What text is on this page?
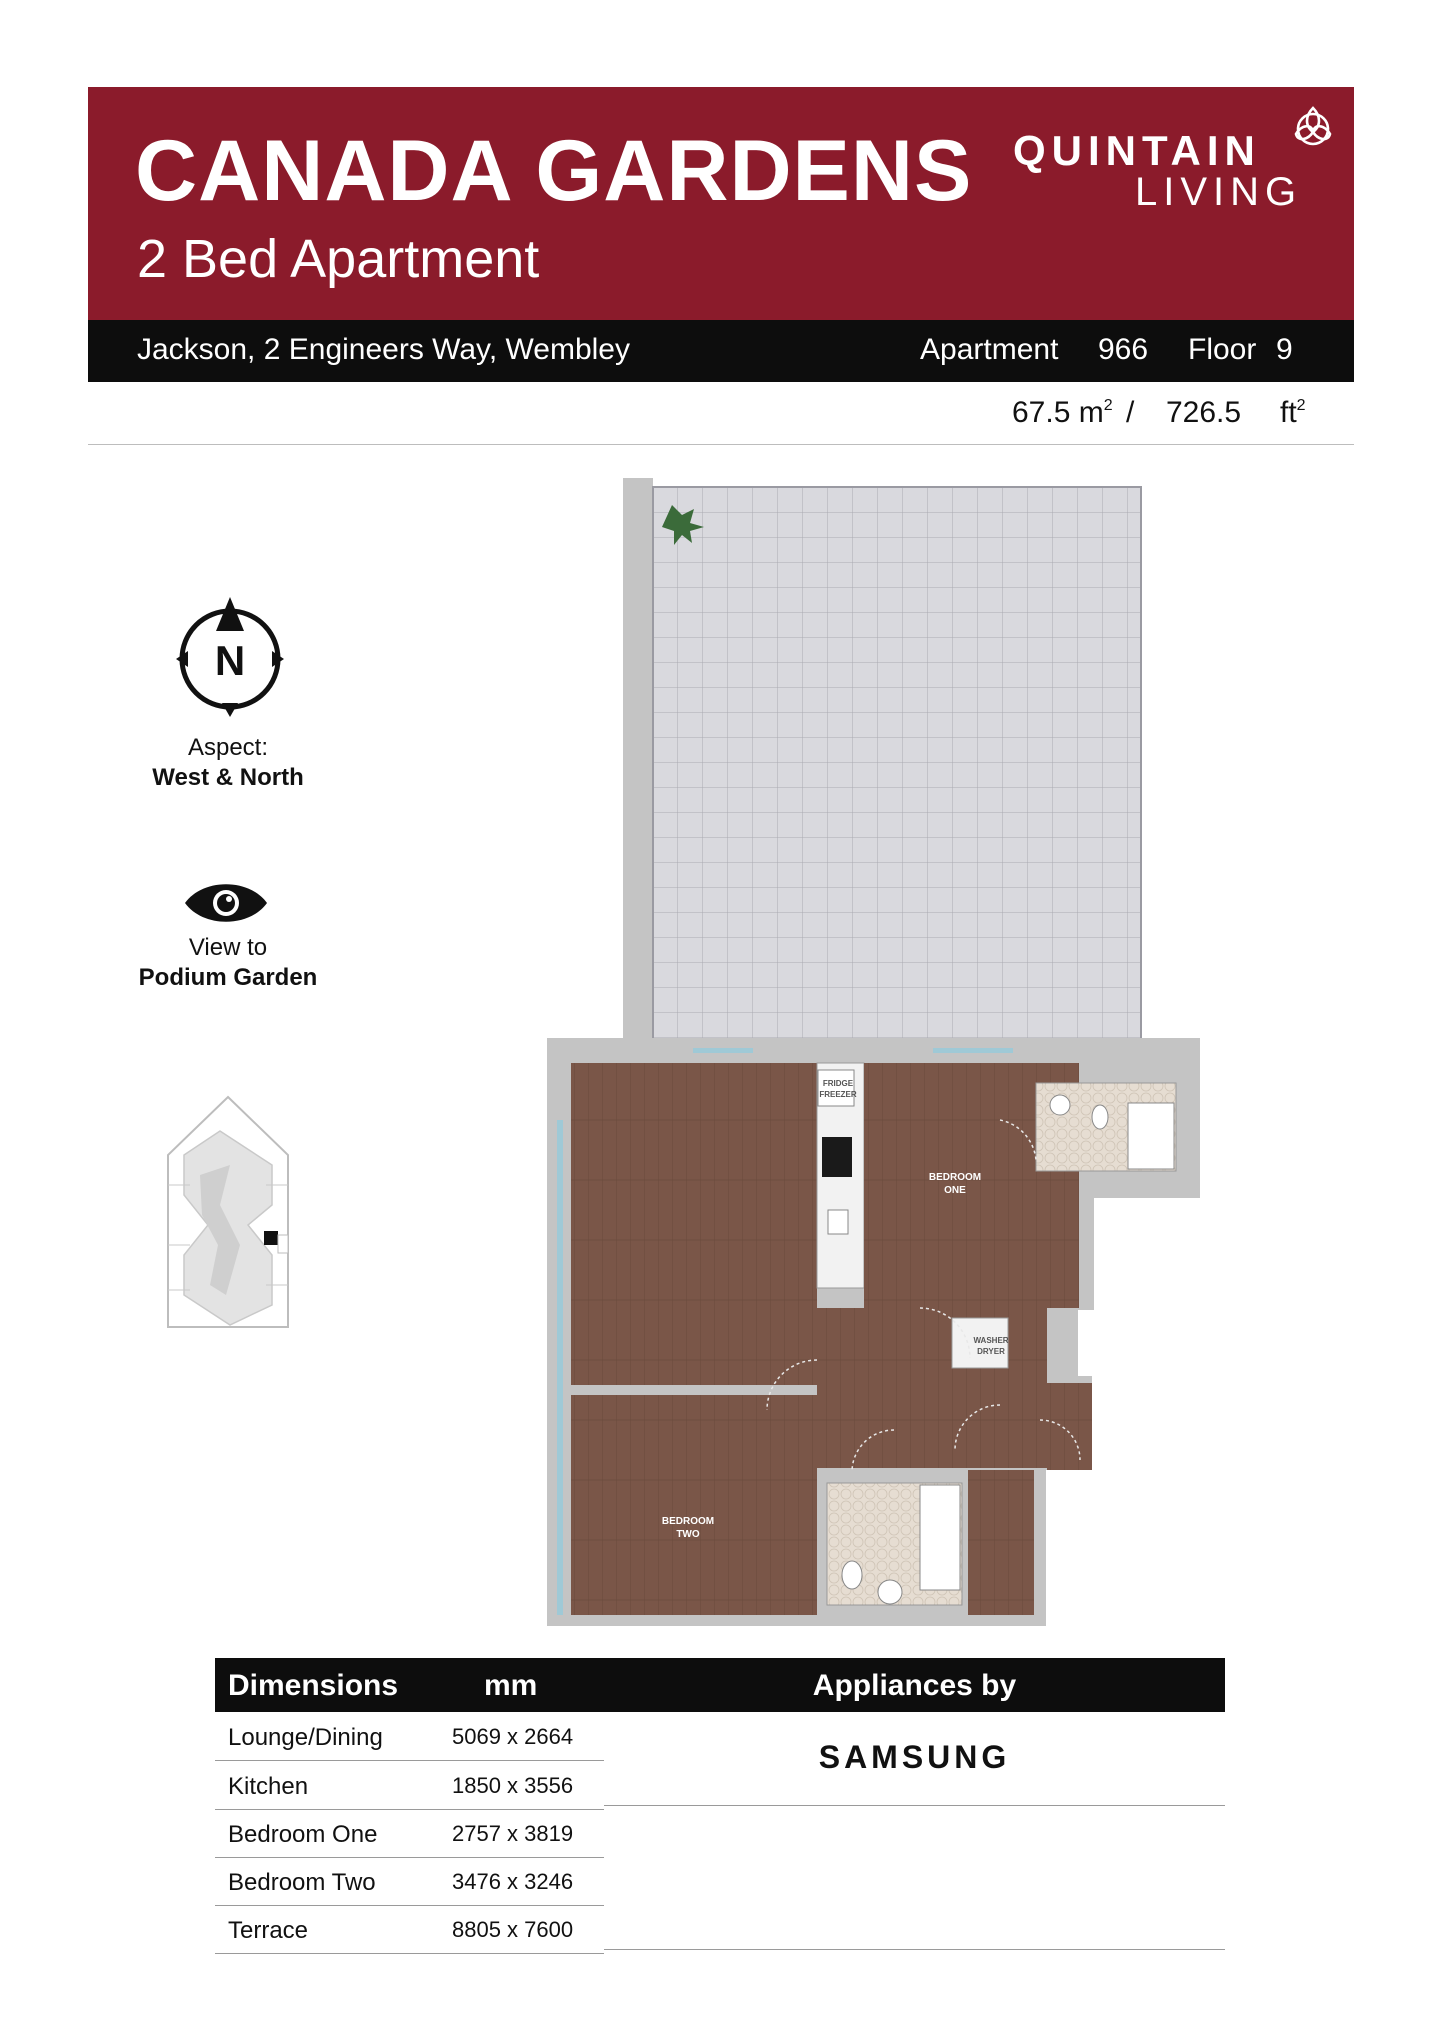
CANADA GARDENS
2 Bed Apartment
QUINTAIN
LIVING
Jackson, 2 Engineers Way, Wembley	Apartment 966 Floor 9
67.5 $m^2 / 726.5$ $ft^2$
N
Aspect:
West & North
View to
Podium Garden
FRIDGE
FREEZER
BEDROOM
ONE
BEDROOM
TWO
WASHER
DRYER
Dimensions	mm
Lounge/Dining	5069 x 2664
Kitchen	1850 x 3556
Bedroom One	2757 x 3819
Bedroom Two	3476 x 3246
Terrace	8805 x 7600
Appliances by
SAMSUNG
